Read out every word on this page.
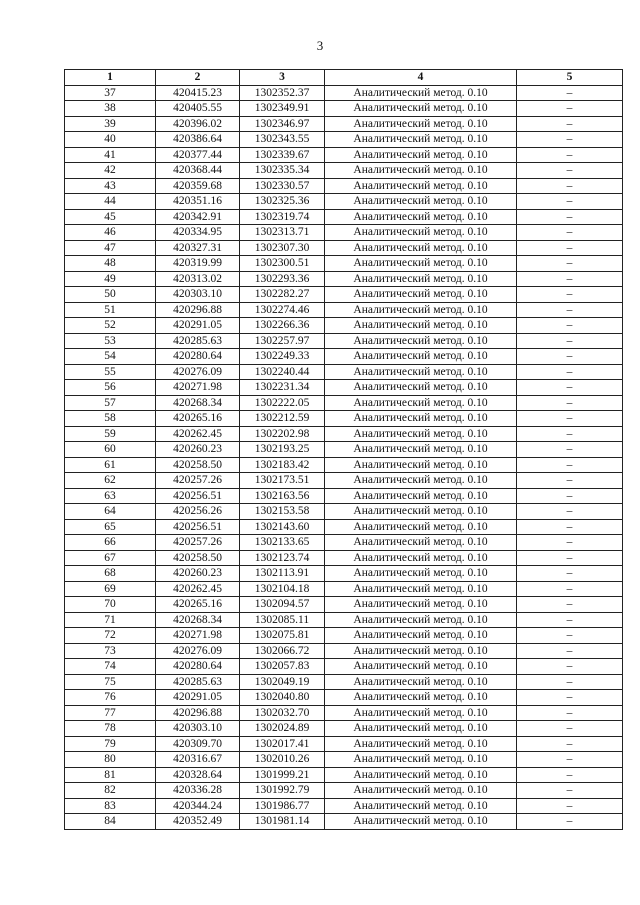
3
1	2	3	4	5
37	420415.23	1302352.37	Аналитический метод. 0.10	–
38	420405.55	1302349.91	Аналитический метод. 0.10	–
39	420396.02	1302346.97	Аналитический метод. 0.10	–
40	420386.64	1302343.55	Аналитический метод. 0.10	–
41	420377.44	1302339.67	Аналитический метод. 0.10	–
42	420368.44	1302335.34	Аналитический метод. 0.10	–
43	420359.68	1302330.57	Аналитический метод. 0.10	–
44	420351.16	1302325.36	Аналитический метод. 0.10	–
45	420342.91	1302319.74	Аналитический метод. 0.10	–
46	420334.95	1302313.71	Аналитический метод. 0.10	–
47	420327.31	1302307.30	Аналитический метод. 0.10	–
48	420319.99	1302300.51	Аналитический метод. 0.10	–
49	420313.02	1302293.36	Аналитический метод. 0.10	–
50	420303.10	1302282.27	Аналитический метод. 0.10	–
51	420296.88	1302274.46	Аналитический метод. 0.10	–
52	420291.05	1302266.36	Аналитический метод. 0.10	–
53	420285.63	1302257.97	Аналитический метод. 0.10	–
54	420280.64	1302249.33	Аналитический метод. 0.10	–
55	420276.09	1302240.44	Аналитический метод. 0.10	–
56	420271.98	1302231.34	Аналитический метод. 0.10	–
57	420268.34	1302222.05	Аналитический метод. 0.10	–
58	420265.16	1302212.59	Аналитический метод. 0.10	–
59	420262.45	1302202.98	Аналитический метод. 0.10	–
60	420260.23	1302193.25	Аналитический метод. 0.10	–
61	420258.50	1302183.42	Аналитический метод. 0.10	–
62	420257.26	1302173.51	Аналитический метод. 0.10	–
63	420256.51	1302163.56	Аналитический метод. 0.10	–
64	420256.26	1302153.58	Аналитический метод. 0.10	–
65	420256.51	1302143.60	Аналитический метод. 0.10	–
66	420257.26	1302133.65	Аналитический метод. 0.10	–
67	420258.50	1302123.74	Аналитический метод. 0.10	–
68	420260.23	1302113.91	Аналитический метод. 0.10	–
69	420262.45	1302104.18	Аналитический метод. 0.10	–
70	420265.16	1302094.57	Аналитический метод. 0.10	–
71	420268.34	1302085.11	Аналитический метод. 0.10	–
72	420271.98	1302075.81	Аналитический метод. 0.10	–
73	420276.09	1302066.72	Аналитический метод. 0.10	–
74	420280.64	1302057.83	Аналитический метод. 0.10	–
75	420285.63	1302049.19	Аналитический метод. 0.10	–
76	420291.05	1302040.80	Аналитический метод. 0.10	–
77	420296.88	1302032.70	Аналитический метод. 0.10	–
78	420303.10	1302024.89	Аналитический метод. 0.10	–
79	420309.70	1302017.41	Аналитический метод. 0.10	–
80	420316.67	1302010.26	Аналитический метод. 0.10	–
81	420328.64	1301999.21	Аналитический метод. 0.10	–
82	420336.28	1301992.79	Аналитический метод. 0.10	–
83	420344.24	1301986.77	Аналитический метод. 0.10	–
84	420352.49	1301981.14	Аналитический метод. 0.10	–
